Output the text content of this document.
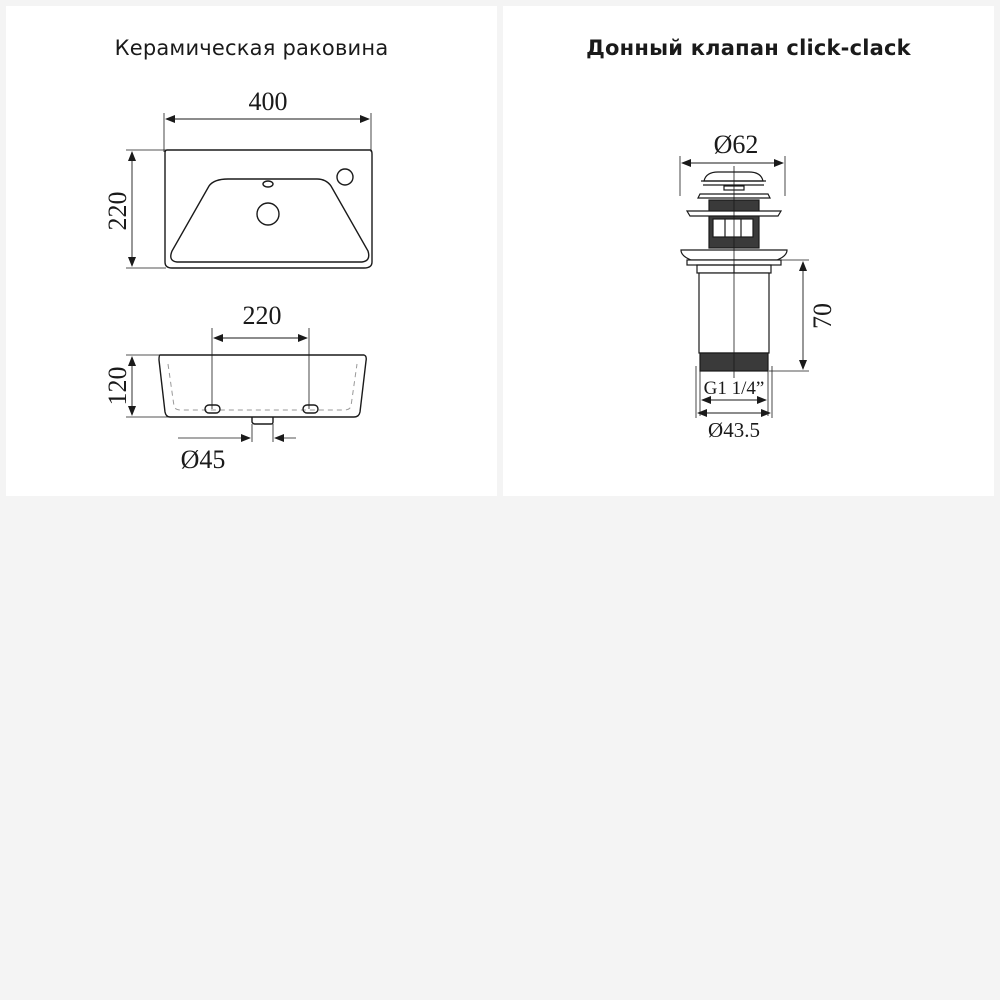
Керамическая раковина
400
220
220
120
Ø45
Донный клапан click-clack
Ø62
70
G1 1/4”
Ø43.5
